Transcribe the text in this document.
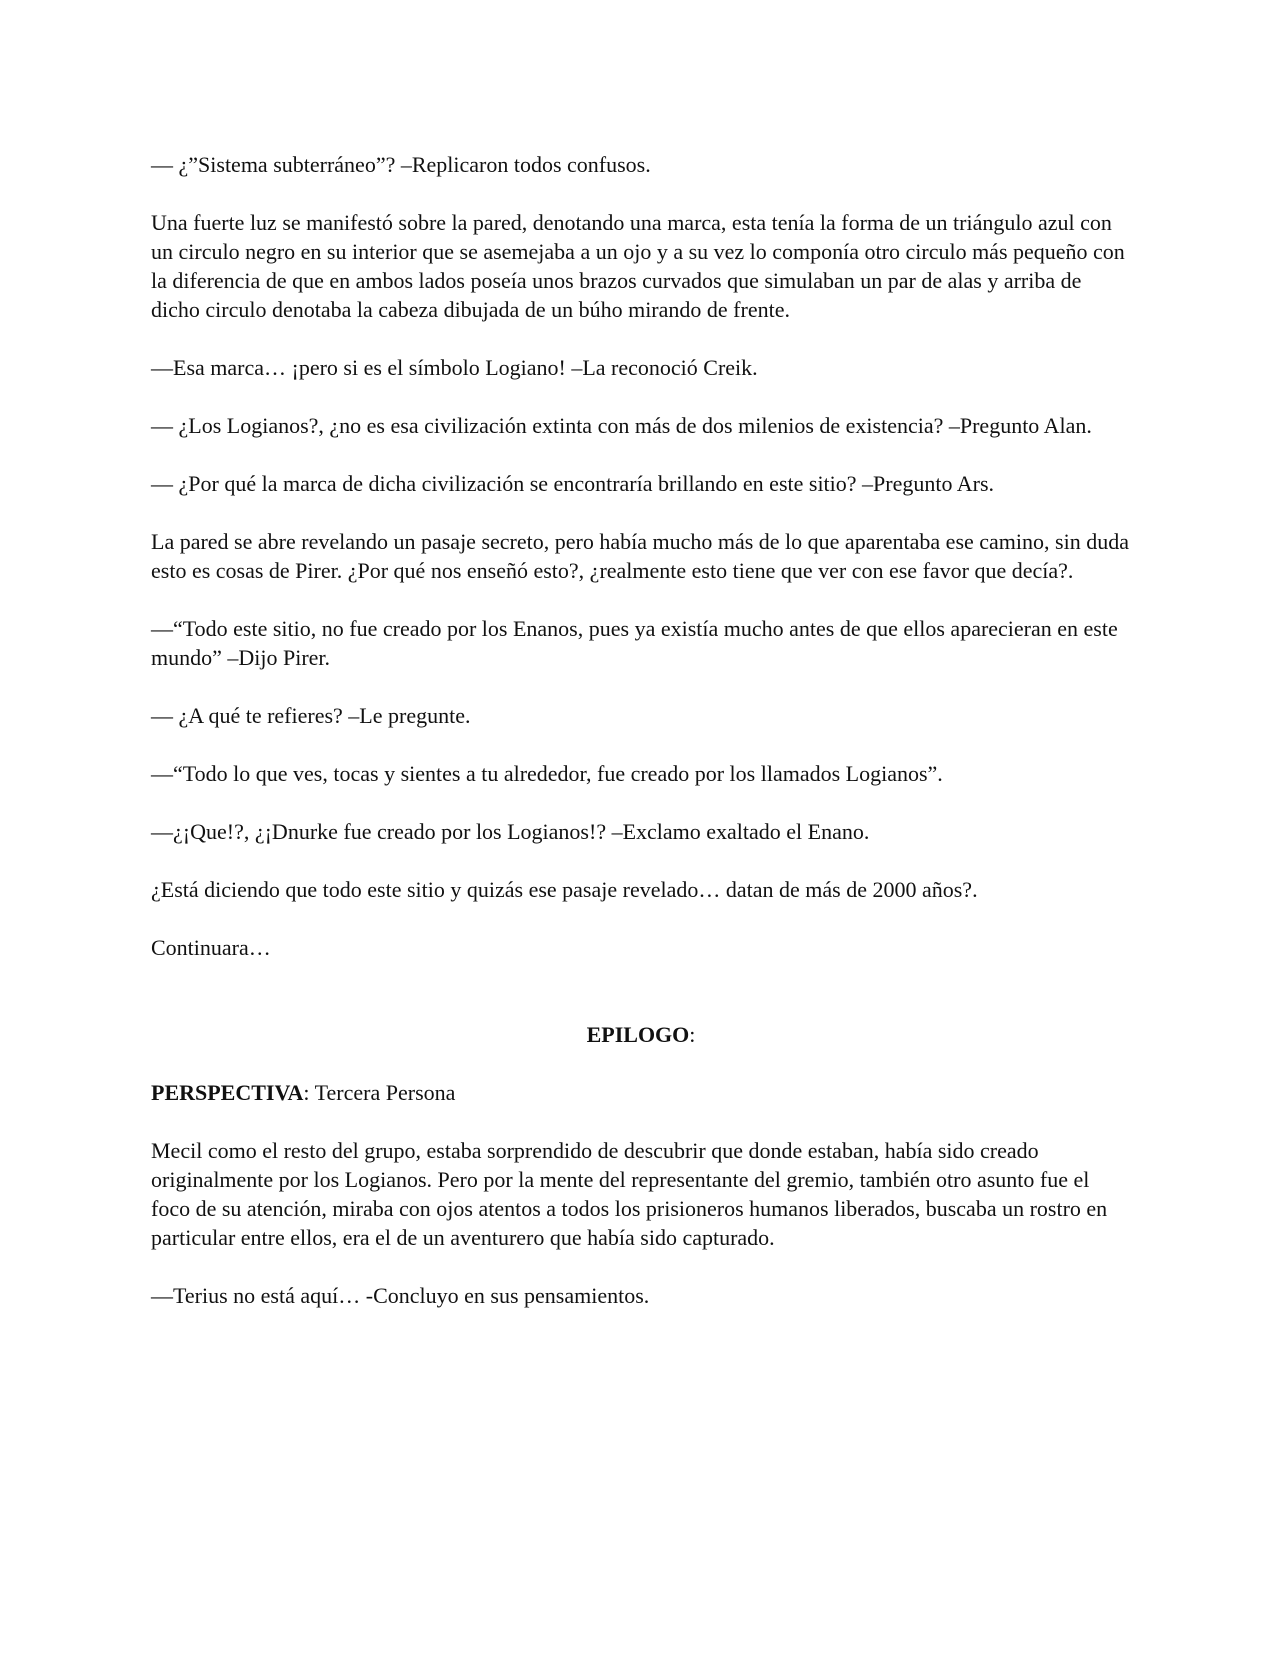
— ¿”Sistema subterráneo”? –Replicaron todos confusos.

Una fuerte luz se manifestó sobre la pared, denotando una marca, esta tenía la forma de un triángulo azul con un circulo negro en su interior que se asemejaba a un ojo y a su vez lo componía otro circulo más pequeño con la diferencia de que en ambos lados poseía unos brazos curvados que simulaban un par de alas y arriba de dicho circulo denotaba la cabeza dibujada de un búho mirando de frente.

—Esa marca… ¡pero si es el símbolo Logiano! –La reconoció Creik.

— ¿Los Logianos?, ¿no es esa civilización extinta con más de dos milenios de existencia? –Pregunto Alan.

— ¿Por qué la marca de dicha civilización se encontraría brillando en este sitio? –Pregunto Ars.

La pared se abre revelando un pasaje secreto, pero había mucho más de lo que aparentaba ese camino, sin duda esto es cosas de Pirer. ¿Por qué nos enseñó esto?, ¿realmente esto tiene que ver con ese favor que decía?.

—“Todo este sitio, no fue creado por los Enanos, pues ya existía mucho antes de que ellos aparecieran en este mundo” –Dijo Pirer.

— ¿A qué te refieres? –Le pregunte.

—“Todo lo que ves, tocas y sientes a tu alrededor, fue creado por los llamados Logianos”.

—¿¡Que!?, ¿¡Dnurke fue creado por los Logianos!? –Exclamo exaltado el Enano.

¿Está diciendo que todo este sitio y quizás ese pasaje revelado… datan de más de 2000 años?.

Continuara…

EPILOGO:

PERSPECTIVA: Tercera Persona

Mecil como el resto del grupo, estaba sorprendido de descubrir que donde estaban, había sido creado originalmente por los Logianos. Pero por la mente del representante del gremio, también otro asunto fue el foco de su atención, miraba con ojos atentos a todos los prisioneros humanos liberados, buscaba un rostro en particular entre ellos, era el de un aventurero que había sido capturado.

—Terius no está aquí… -Concluyo en sus pensamientos.
